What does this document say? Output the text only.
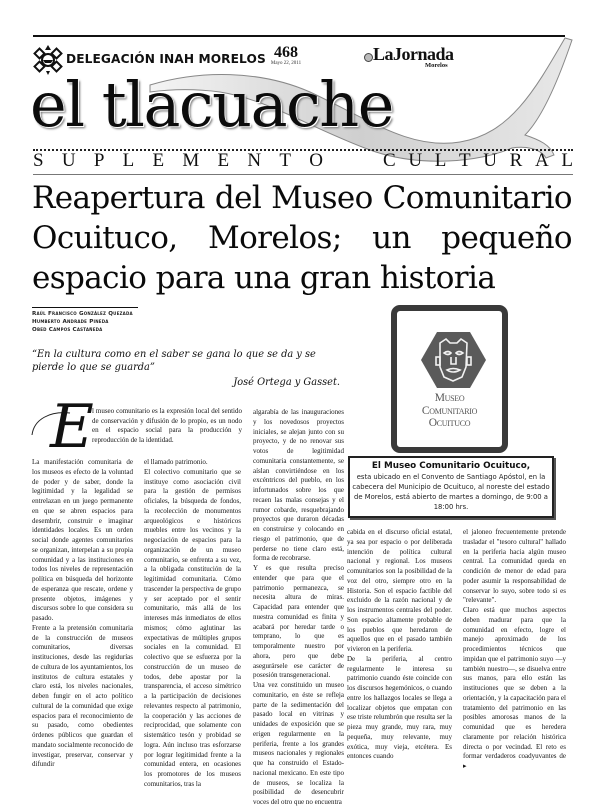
DELEGACIÓN INAH MORELOS 468
Mayo 22, 2011	LaJornada
Morelos
el tlacuache
S U P L E M E N T O	C U L T U R A L
Reapertura del Museo Comunitario Ocuituco, Morelos; un pequeño espacio para una gran historia
Raúl Francisco González Quezada
Humberto Andrade Pineda
Obed Campos Castañeda
“En la cultura como en el saber se gana lo que se da y se pierde lo que se guarda”
José Ortega y Gasset.
Museo
Comunitario
Ocuituco
El Museo Comunitario Ocuituco,
esta ubicado en el Convento de Santiago Apóstol, en la cabecera del Municipio de Ocuituco, al noreste del estado de Morelos, está abierto de martes a domingo, de 9:00 a 18:00 hrs.
E
l museo comunitario es la expresión local del sentido de conservación y difusión de lo propio, es un nodo en el espacio social para la producción y reproducción de la identidad.

La manifestación comunitaria de los museos es efecto de la voluntad de poder y de saber, donde la legitimidad y la legalidad se entrelazan en un juego permanente en que se abren espacios para desembrir, construir e imaginar identidades locales. Es un orden social donde agentes comunitarios se organizan, interpelan a su propia comunidad y a las instituciones en todos los niveles de representación política en búsqueda del horizonte de esperanza que rescate, ordene y presente objetos, imágenes y discursos sobre lo que considera su pasado.

Frente a la pretensión comunitaria de la construcción de museos comunitarios, diversas instituciones, desde las regidurías de cultura de los ayuntamientos, los institutos de cultura estatales y claro está, los niveles nacionales, deben fungir en el acto político cultural de la comunidad que exige espacios para el reconocimiento de su pasado, como obedientes órdenes públicos que guardan el mandato socialmente reconocido de investigar, preservar, conservar y difundir

el llamado patrimonio.

El colectivo comunitario que se instituye como asociación civil para la gestión de permisos oficiales, la búsqueda de fondos, la recolección de monumentos arqueológicos e históricos muebles entre los vecinos y la negociación de espacios para la organización de un museo comunitario, se enfrenta a su vez, a la obligada constitución de la legitimidad comunitaria. Cómo trascender la perspectiva de grupo y ser aceptado por el sentir comunitario, más allá de los intereses más inmediatos de ellos mismos; cómo aglutinar las expectativas de múltiples grupos sociales en la comunidad. El colectivo que se esfuerza por la construcción de un museo de todos, debe apostar por la transparencia, el acceso simétrico a la participación de decisiones relevantes respecto al patrimonio, la cooperación y las acciones de reciprocidad, que solamente con sistemático tesón y probidad se logra. Aún incluso tras esforzarse por lograr legitimidad frente a la comunidad entera, en ocasiones los promotores de los museos comunitarios, tras la

algarabía de las inauguraciones y los novedosos proyectos iniciales, se alejan junto con su proyecto, y de no renovar sus votos de legitimidad comunitaria constantemente, se aíslan convirtiéndose en los excéntricos del pueblo, en los infortunados sobre los que recaen las malas consejas y el rumor cobarde, resquebrajando proyectos que duraron décadas en construirse y colocando en riesgo el patrimonio, que de perderse no tiene claro está, forma de recobrarse.

Y es que resulta preciso entender que para que el patrimonio permanezca, se necesita altura de miras. Capacidad para entender que nuestra comunidad es finita y acabará por heredar tarde o temprano, lo que es temporalmente nuestro por ahora, pero que debe asegurársele ese carácter de posesión transgeneracional.

Una vez constituido un museo comunitario, en éste se refleja parte de la sedimentación del pasado local en vitrinas y unidades de exposición que se erigen regularmente en la periferia, frente a los grandes museos nacionales y regionales que ha construido el Estado-nacional mexicano. En este tipo de museos, se localiza la posibilidad de desencubrir voces del otro que no encuentra

cabida en el discurso oficial estatal, ya sea por espacio o por deliberada intención de política cultural nacional y regional. Los museos comunitarios son la posibilidad de la voz del otro, siempre otro en la Historia. Son el espacio factible del excluido de la razón nacional y de los instrumentos centrales del poder. Son espacio altamente probable de los pueblos que heredaron de aquellos que en el pasado también vivieron en la periferia.

De la periferia, al centro regularmente le interesa su patrimonio cuando éste coincide con los discursos hegemónicos, o cuando entre los hallazgos locales se llega a localizar objetos que empatan con ese triste relumbrón que resulta ser la pieza muy grande, muy rara, muy pequeña, muy relevante, muy exótica, muy vieja, etcétera. Es entonces cuando

el jaloneo frecuentemente pretende trasladar el "tesoro cultural" hallado en la periferia hacia algún museo central. La comunidad queda en condición de menor de edad para poder asumir la responsabilidad de conservar lo suyo, sobre todo si es "relevante".

Claro está que muchos aspectos deben madurar para que la comunidad en efecto, logre el manejo aproximado de los procedimientos técnicos que impidan que el patrimonio suyo —y también nuestro—, se disuelva entre sus manos, para ello están las instituciones que se deben a la orientación, y la capacitación para el tratamiento del patrimonio en las posibles amorosas manos de la comunidad que es heredera claramente por relación histórica directa o por vecindad. El reto es formar verdaderos coadyuvantes de ▸
